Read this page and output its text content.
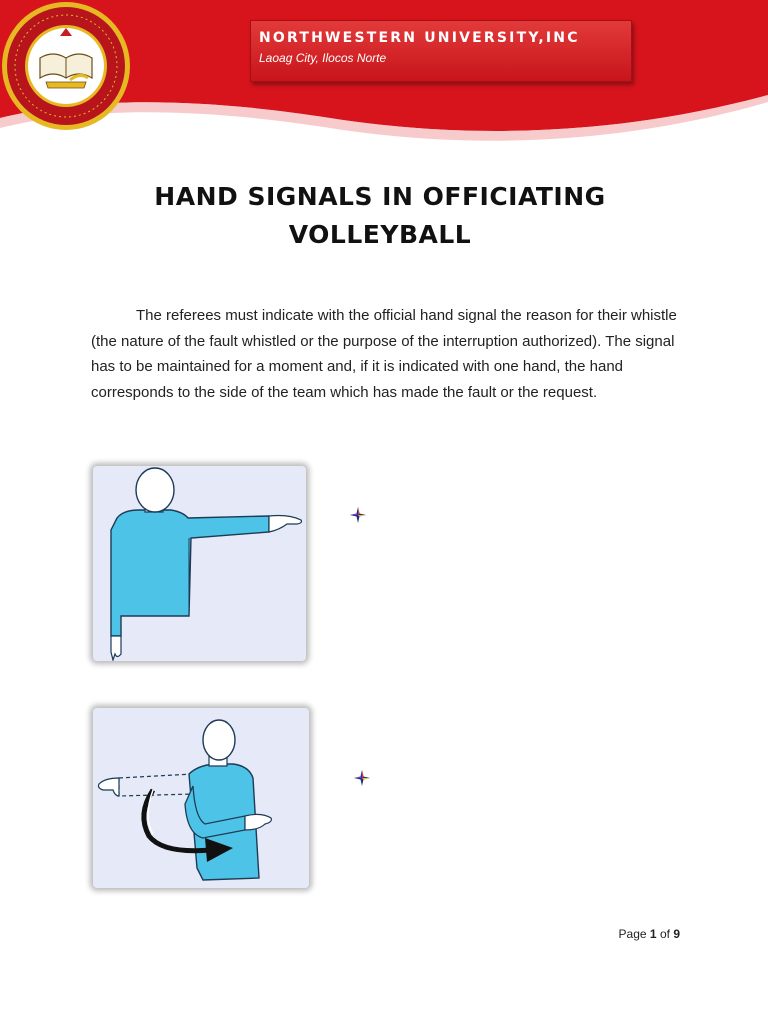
NORTHWESTERN UNIVERSITY,INC
Laoag City, Ilocos Norte
HAND SIGNALS IN OFFICIATING
VOLLEYBALL

The referees must indicate with the official hand signal the reason for their whistle (the nature of the fault whistled or the purpose of the interruption authorized). The signal has to be maintained for a moment and, if it is indicated with one hand, the hand corresponds to the side of the team which has made the fault or the request.

Page 1 of 9
